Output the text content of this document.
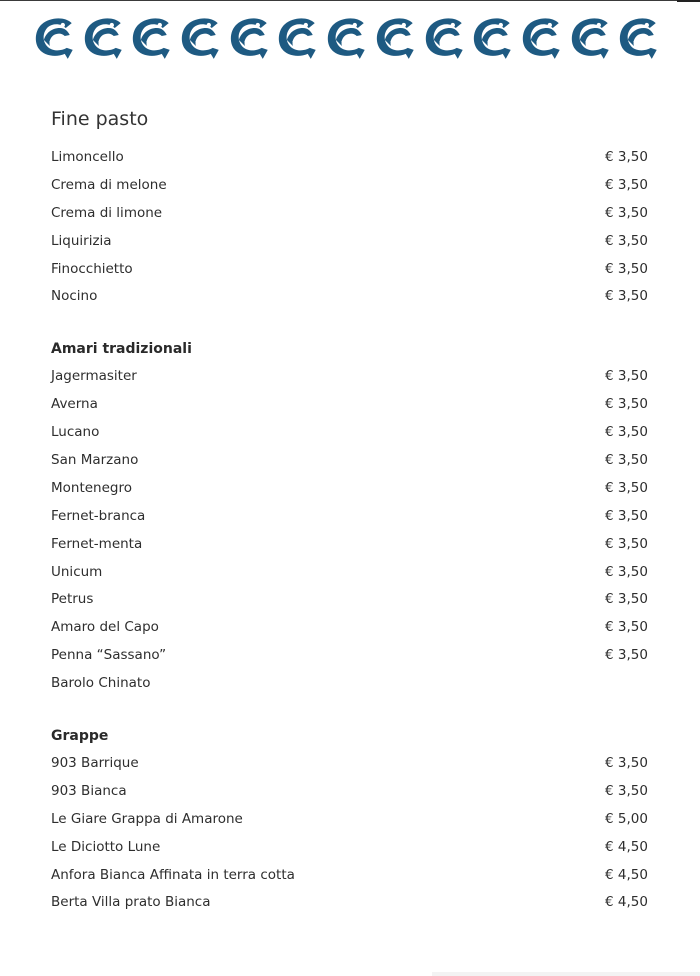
Fine pasto
Limoncello	€ 3,50
Crema di melone	€ 3,50
Crema di limone	€ 3,50
Liquirizia	€ 3,50
Finocchietto	€ 3,50
Nocino	€ 3,50
Amari tradizionali
Jagermasiter	€ 3,50
Averna	€ 3,50
Lucano	€ 3,50
San Marzano	€ 3,50
Montenegro	€ 3,50
Fernet-branca	€ 3,50
Fernet-menta	€ 3,50
Unicum	€ 3,50
Petrus	€ 3,50
Amaro del Capo	€ 3,50
Penna “Sassano”	€ 3,50
Barolo Chinato
Grappe
903 Barrique	€ 3,50
903 Bianca	€ 3,50
Le Giare Grappa di Amarone	€ 5,00
Le Diciotto Lune	€ 4,50
Anfora Bianca Affinata in terra cotta	€ 4,50
Berta Villa prato Bianca	€ 4,50
